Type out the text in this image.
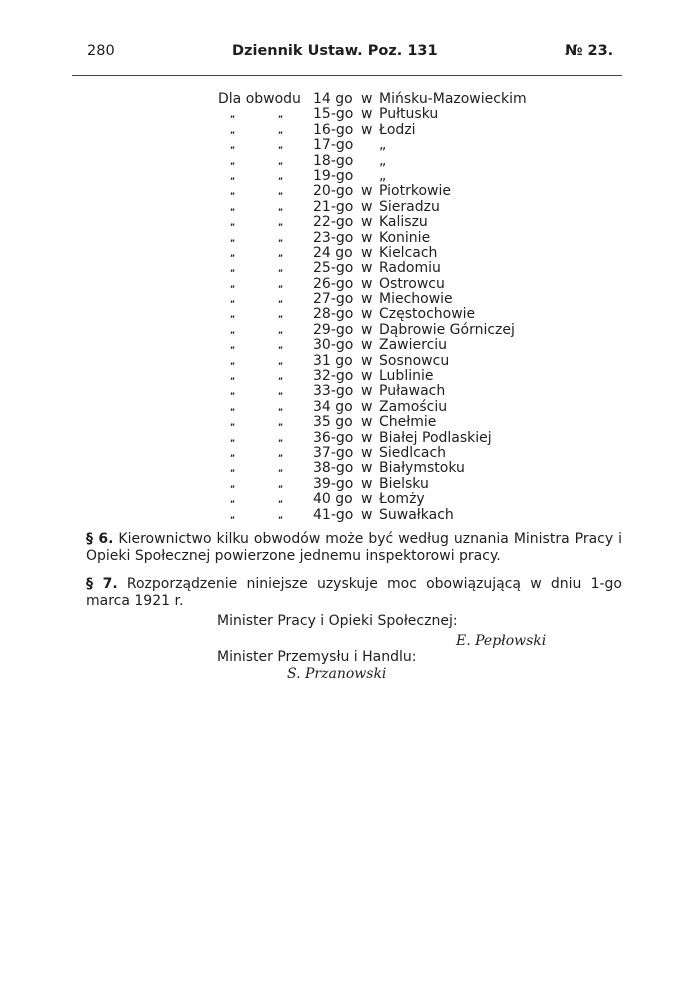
280	Dziennik Ustaw. Poz. 131	№ 23.
Dla obwodu 14 go w Mińsku-Mazowieckim
„	„ 15-go w Pułtusku
„	„ 16-go w Łodzi
„	„ 17-go „
„	„ 18-go „
„	„ 19-go „
„	„ 20-go w Piotrkowie
„	„ 21-go w Sieradzu
„	„ 22-go w Kaliszu
„	„ 23-go w Koninie
„	„ 24 go w Kielcach
„	„ 25-go w Radomiu
„	„ 26-go w Ostrowcu
„	„ 27-go w Miechowie
„	„ 28-go w Częstochowie
„	„ 29-go w Dąbrowie Górniczej
„	„ 30-go w Zawierciu
„	„ 31 go w Sosnowcu
„	„ 32-go w Lublinie
„	„ 33-go w Puławach
„	„ 34 go w Zamościu
„	„ 35 go w Chełmie
„	„ 36-go w Białej Podlaskiej
„	„ 37-go w Siedlcach
„	„ 38-go w Białymstoku
„	„ 39-go w Bielsku
„	„ 40 go w Łomży
„	„ 41-go w Suwałkach
§ 6. Kierownictwo kilku obwodów może być według uznania Ministra Pracy i Opieki Społecznej powierzone jednemu inspektorowi pracy.
§ 7. Rozporządzenie niniejsze uzyskuje moc obowiązującą w dniu 1-go marca 1921 r.
Minister Pracy i Opieki Społecznej:
E. Pepłowski
Minister Przemysłu i Handlu:
S. Przanowski
